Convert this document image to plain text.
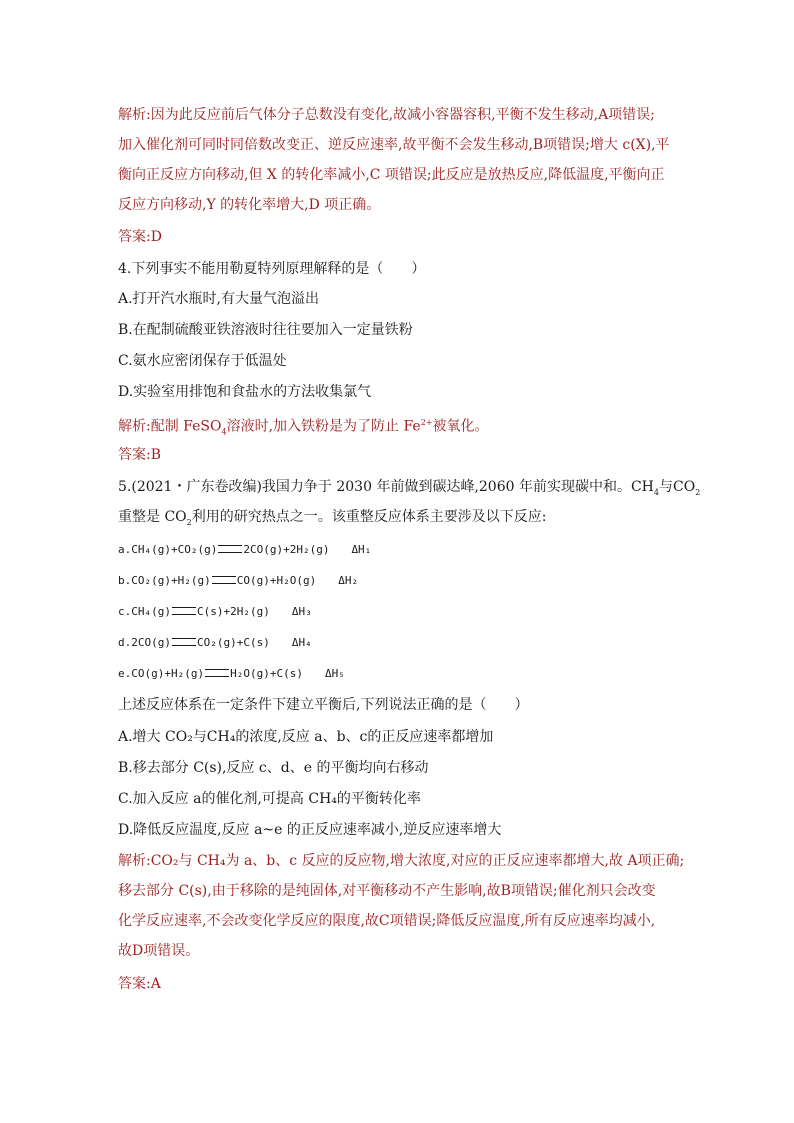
解析:因为此反应前后气体分子总数没有变化,故减小容器容积,平衡不发生移动,A项错误;
加入催化剂可同时同倍数改变正、逆反应速率,故平衡不会发生移动,B项错误;增大 c(X),平
衡向正反应方向移动,但 X 的转化率减小,C 项错误;此反应是放热反应,降低温度,平衡向正
反应方向移动,Y 的转化率增大,D 项正确。
答案:D
4.下列事实不能用勒夏特列原理解释的是（　　）
A.打开汽水瓶时,有大量气泡溢出
B.在配制硫酸亚铁溶液时往往要加入一定量铁粉
C.氨水应密闭保存于低温处
D.实验室用排饱和食盐水的方法收集氯气
解析:配制 FeSO$_4$溶液时,加入铁粉是为了防止 $Fe^{2+}$被氧化。
答案:B
5.(2021・广东卷改编)我国力争于 2030 年前做到碳达峰,2060 年前实现碳中和。$CH_4$与$CO_2$
重整是 $CO_2$利用的研究热点之一。该重整反应体系主要涉及以下反应:
a.CH₄(g)+CO₂(g) 2CO(g)+2H₂(g) ΔH₁
b.CO₂(g)+H₂(g) CO(g)+H₂O(g) ΔH₂
c.CH₄(g) C(s)+2H₂(g) ΔH₃
d.2CO(g) CO₂(g)+C(s) ΔH₄
e.CO(g)+H₂(g) H₂O(g)+C(s) ΔH₅
上述反应体系在一定条件下建立平衡后,下列说法正确的是（　　）
A.增大 CO₂与CH₄的浓度,反应 a、b、c的正反应速率都增加
B.移去部分 C(s),反应 c、d、e 的平衡均向右移动
C.加入反应 a的催化剂,可提高 CH₄的平衡转化率
D.降低反应温度,反应 a~e 的正反应速率减小,逆反应速率增大
解析:CO₂与 CH₄为 a、b、c 反应的反应物,增大浓度,对应的正反应速率都增大,故 A项正确;
移去部分 C(s),由于移除的是纯固体,对平衡移动不产生影响,故B项错误;催化剂只会改变
化学反应速率,不会改变化学反应的限度,故C项错误;降低反应温度,所有反应速率均减小,
故D项错误。
答案:A
